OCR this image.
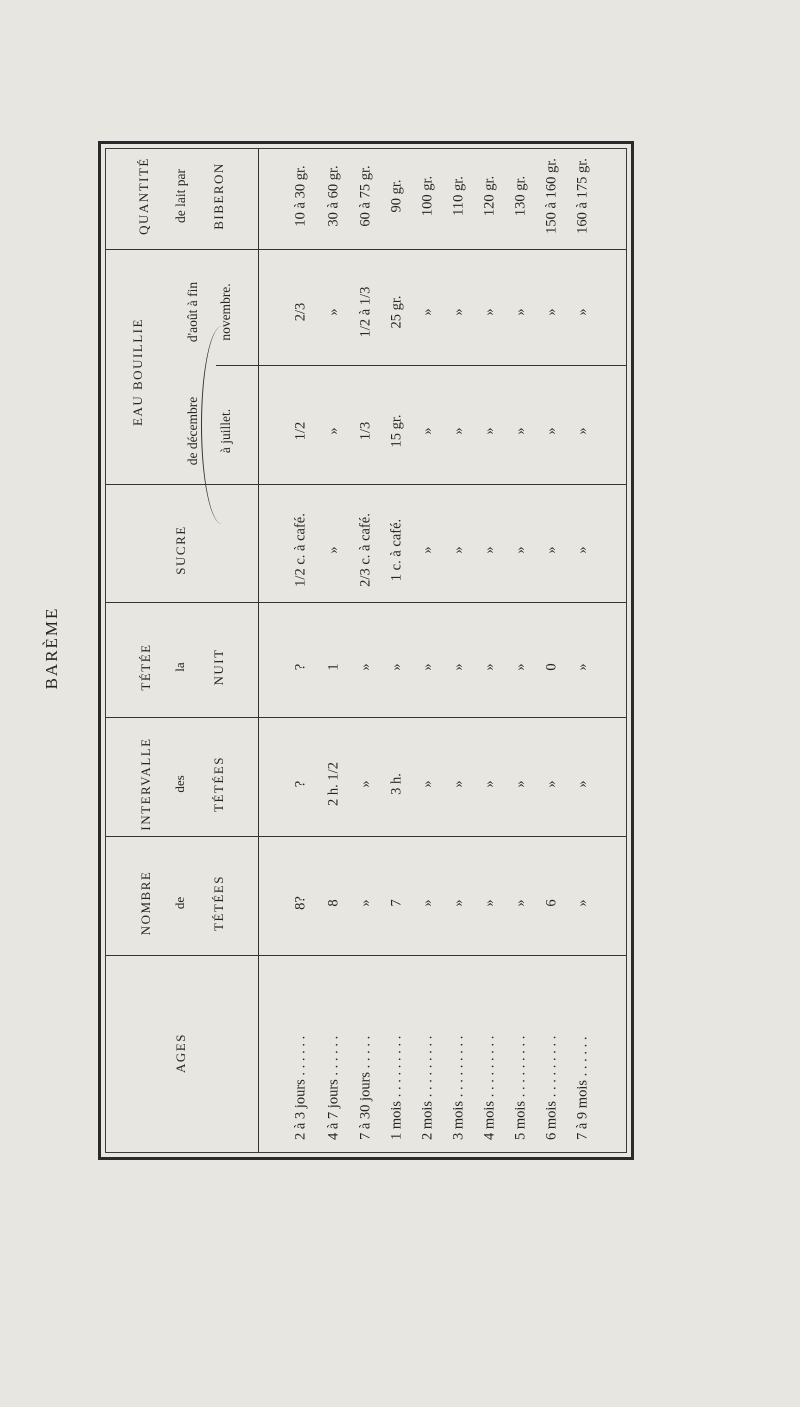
BARÈME
AGES
NOMBRE de TÉTÉES
INTERVALLE des TÉTÉES
TÉTÉE la NUIT
SUCRE
EAU BOUILLIE
de décembre à juillet.
d'août à fin novembre.
QUANTITÉ de lait par BIBERON
2 à 3 jours . . . . . .
8?
?
?
1/2 c. à café.
1/2
2/3
10 à 30 gr.
4 à 7 jours . . . . . .
8
2 h. 1/2
1
»
»
»
30 à 60 gr.
7 à 30 jours . . . . .
»
»
»
2/3 c. à café.
1/3
1/2 à 1/3
60 à 75 gr.
1 mois . . . . . . . . .
7
3 h.
»
1 c. à café.
15 gr.
25 gr.
90 gr.
2 mois . . . . . . . . .
»
»
»
»
»
»
100 gr.
3 mois . . . . . . . . .
»
»
»
»
»
»
110 gr.
4 mois . . . . . . . . .
»
»
»
»
»
»
120 gr.
5 mois . . . . . . . . .
»
»
»
»
»
»
130 gr.
6 mois . . . . . . . . .
6
»
0
»
»
»
150 à 160 gr.
7 à 9 mois . . . . . .
»
»
»
»
»
»
160 à 175 gr.
